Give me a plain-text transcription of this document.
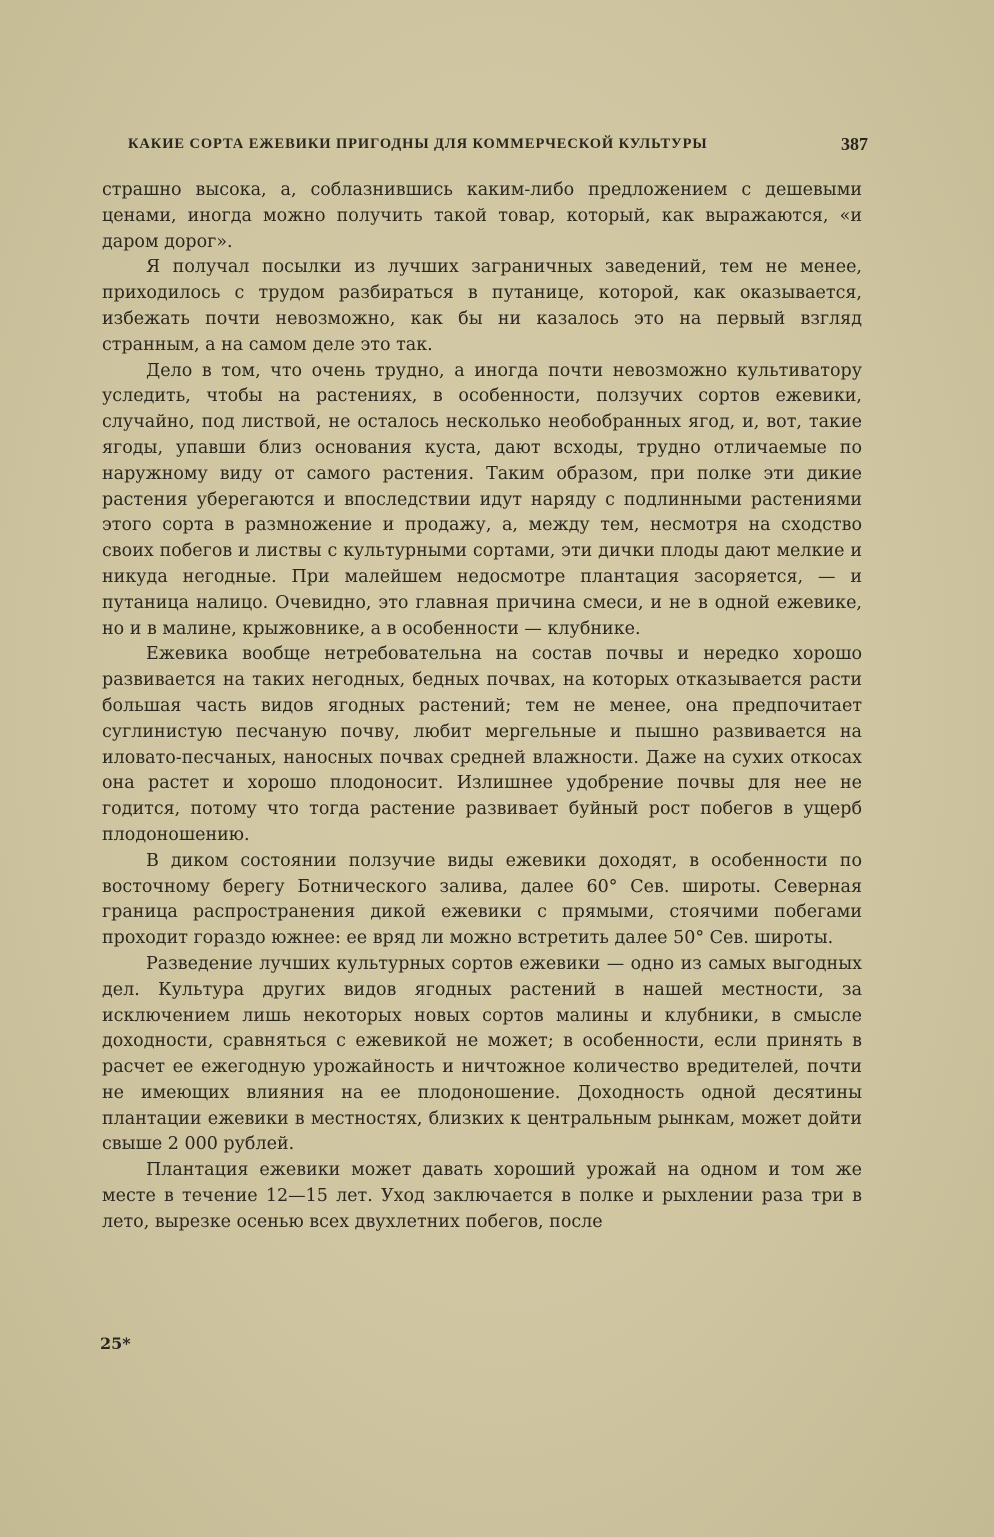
КАКИЕ СОРТА ЕЖЕВИКИ ПРИГОДНЫ ДЛЯ КОММЕРЧЕСКОЙ КУЛЬТУРЫ	387

страшно высока, а, соблазнившись каким-либо предложением с дешевыми ценами, иногда можно получить такой товар, который, как выражаются, «и даром дорог».

Я получал посылки из лучших заграничных заведений, тем не менее, приходилось с трудом разбираться в путанице, которой, как оказывается, избежать почти невозможно, как бы ни казалось это на первый взгляд странным, а на самом деле это так.

Дело в том, что очень трудно, а иногда почти невозможно культиватору уследить, чтобы на растениях, в особенности, ползучих сортов ежевики, случайно, под листвой, не осталось несколько необобранных ягод, и, вот, такие ягоды, упавши близ основания куста, дают всходы, трудно отличаемые по наружному виду от самого растения. Таким образом, при полке эти дикие растения уберегаются и впоследствии идут наряду с подлинными растениями этого сорта в размножение и продажу, а, между тем, несмотря на сходство своих побегов и листвы с культурными сортами, эти дички плоды дают мелкие и никуда негодные. При малейшем недосмотре плантация засоряется, — и путаница налицо. Очевидно, это главная причина смеси, и не в одной ежевике, но и в малине, крыжовнике, а в особенности — клубнике.

Ежевика вообще нетребовательна на состав почвы и нередко хорошо развивается на таких негодных, бедных почвах, на которых отказывается расти большая часть видов ягодных растений; тем не менее, она предпочитает суглинистую песчаную почву, любит мергельные и пышно развивается на иловато-песчаных, наносных почвах средней влажности. Даже на сухих откосах она растет и хорошо плодоносит. Излишнее удобрение почвы для нее не годится, потому что тогда растение развивает буйный рост побегов в ущерб плодоношению.

В диком состоянии ползучие виды ежевики доходят, в особенности по восточному берегу Ботнического залива, далее 60° Сев. широты. Северная граница распространения дикой ежевики с прямыми, стоячими побегами проходит гораздо южнее: ее вряд ли можно встретить далее 50° Сев. широты.

Разведение лучших культурных сортов ежевики — одно из самых выгодных дел. Культура других видов ягодных растений в нашей местности, за исключением лишь некоторых новых сортов малины и клубники, в смысле доходности, сравняться с ежевикой не может; в особенности, если принять в расчет ее ежегодную урожайность и ничтожное количество вредителей, почти не имеющих влияния на ее плодоношение. Доходность одной десятины плантации ежевики в местностях, близких к центральным рынкам, может дойти свыше 2 000 рублей.

Плантация ежевики может давать хороший урожай на одном и том же месте в течение 12—15 лет. Уход заключается в полке и рыхлении раза три в лето, вырезке осенью всех двухлетних побегов, после

25*
